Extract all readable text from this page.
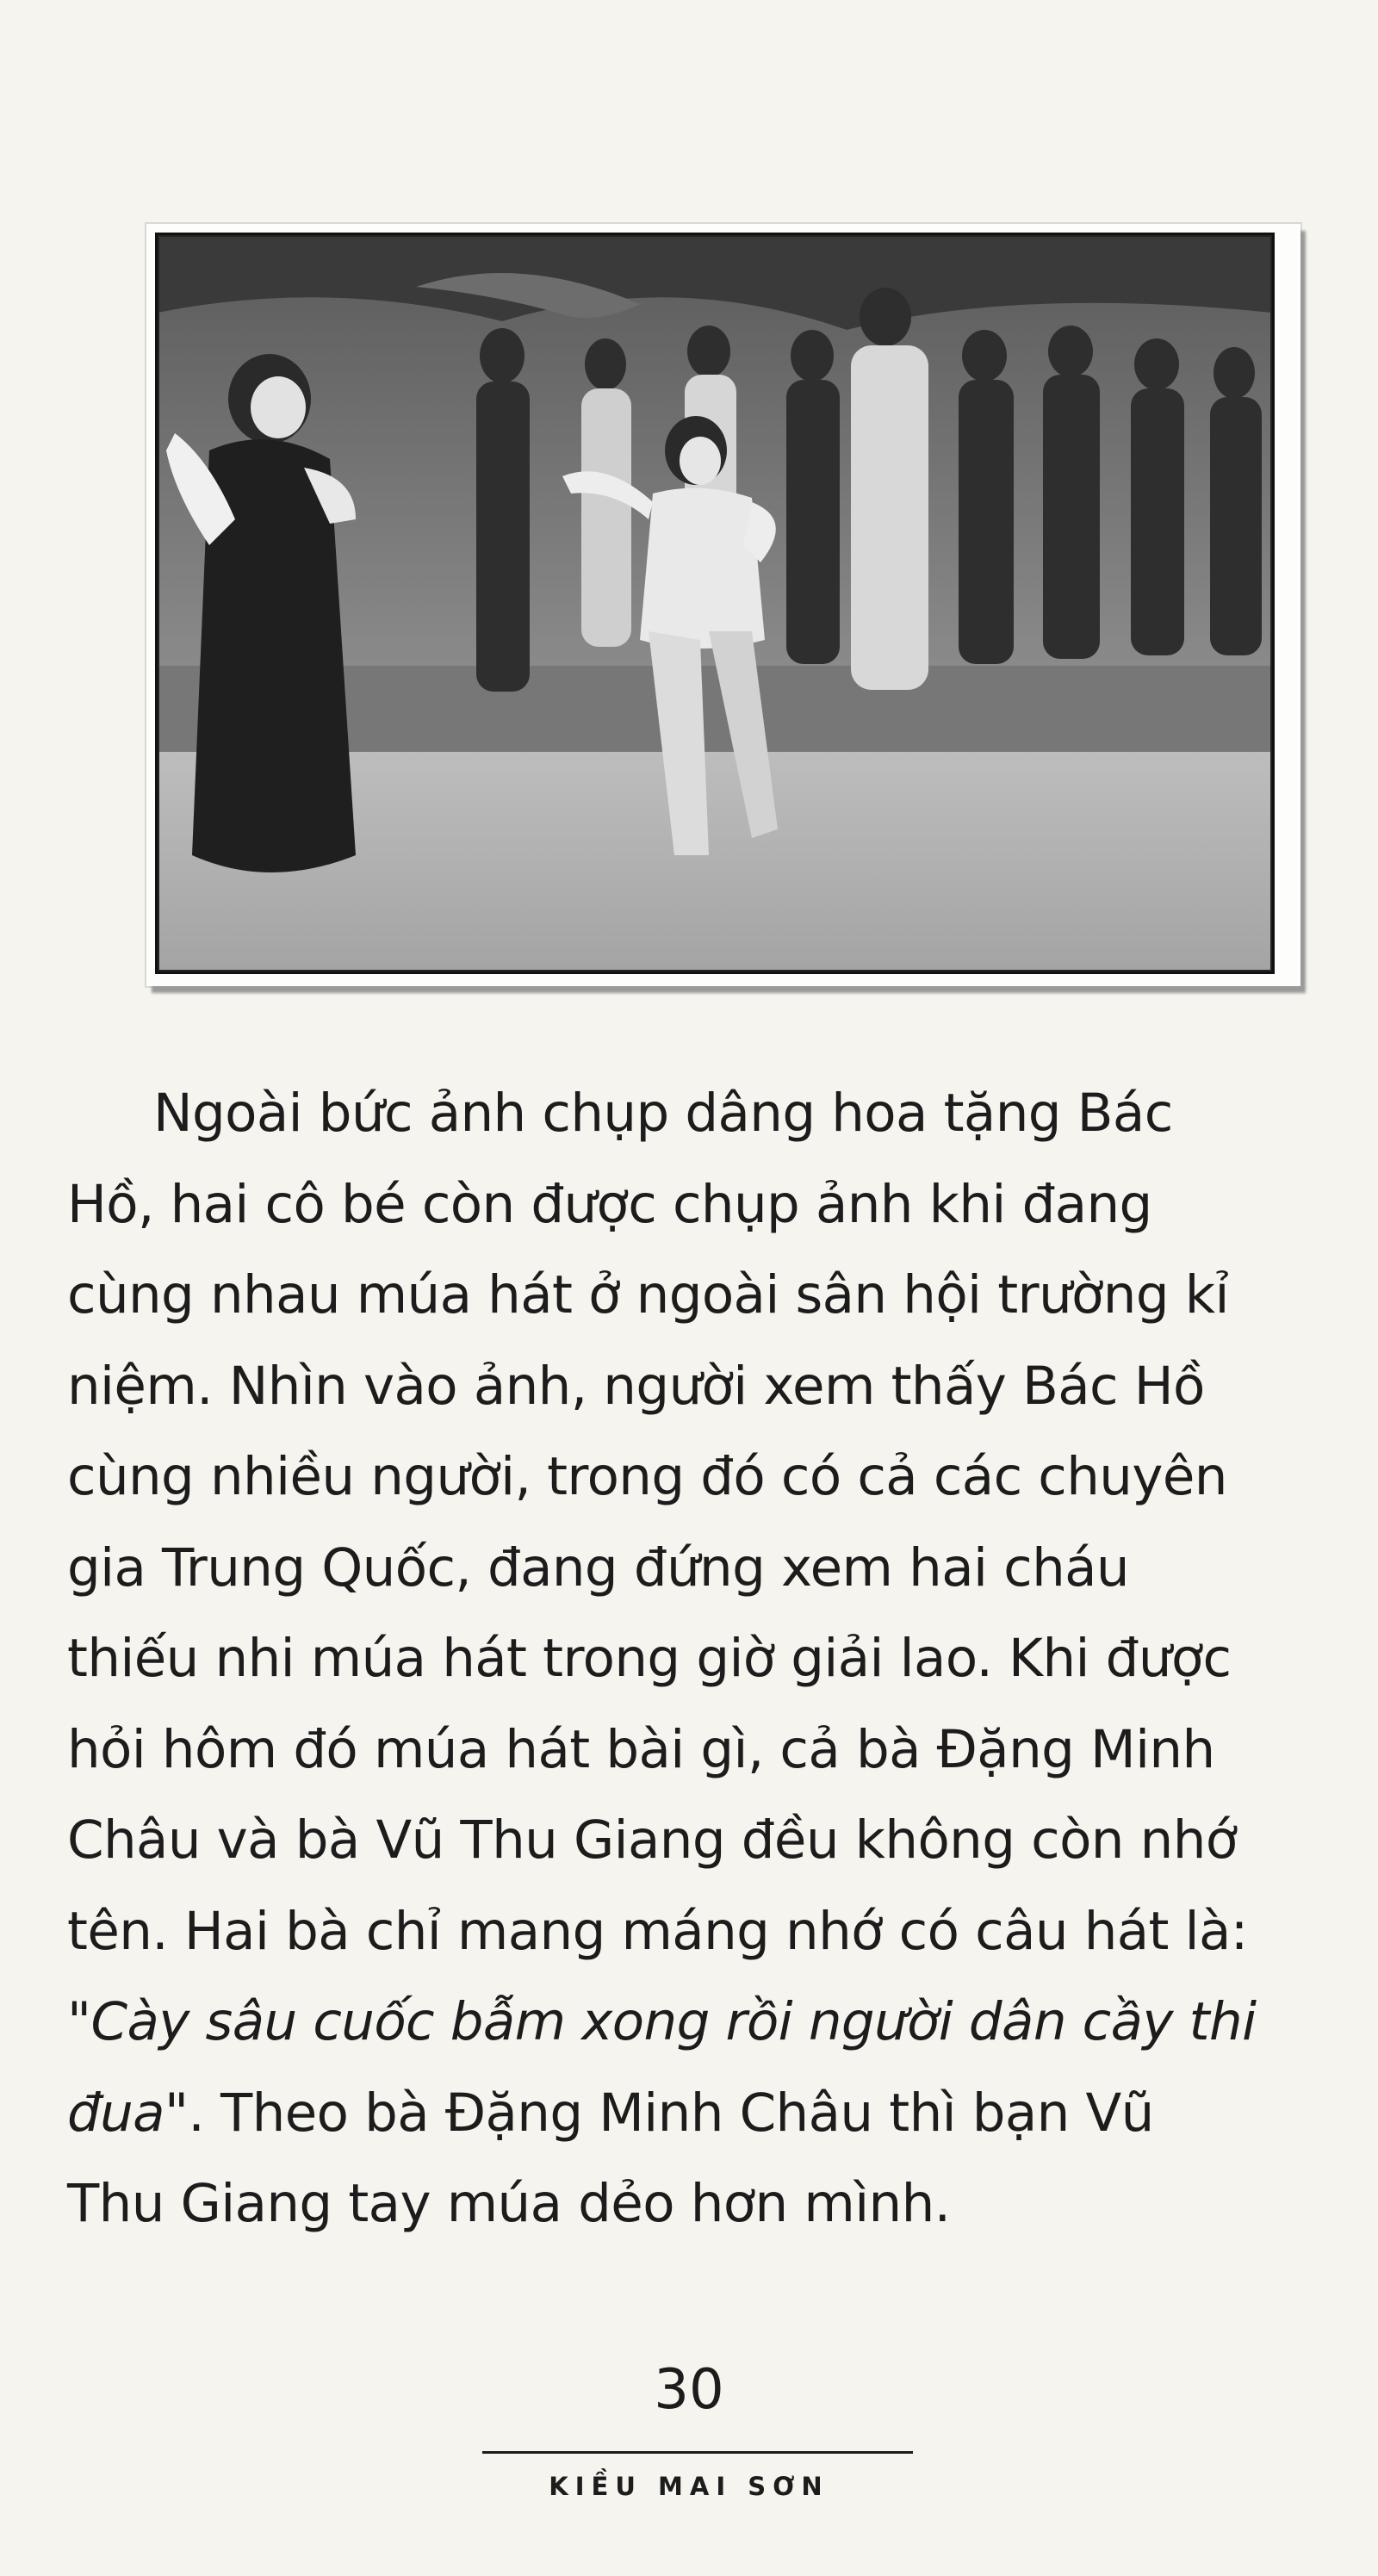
Ngoài bức ảnh chụp dâng hoa tặng Bác
Hồ, hai cô bé còn được chụp ảnh khi đang
cùng nhau múa hát ở ngoài sân hội trường kỉ
niệm. Nhìn vào ảnh, người xem thấy Bác Hồ
cùng nhiều người, trong đó có cả các chuyên
gia Trung Quốc, đang đứng xem hai cháu
thiếu nhi múa hát trong giờ giải lao. Khi được
hỏi hôm đó múa hát bài gì, cả bà Đặng Minh
Châu và bà Vũ Thu Giang đều không còn nhớ
tên. Hai bà chỉ mang máng nhớ có câu hát là:
"Cày sâu cuốc bẫm xong rồi người dân cầy thi
đua". Theo bà Đặng Minh Châu thì bạn Vũ
Thu Giang tay múa dẻo hơn mình.
30
KIỀU MAI SƠN
